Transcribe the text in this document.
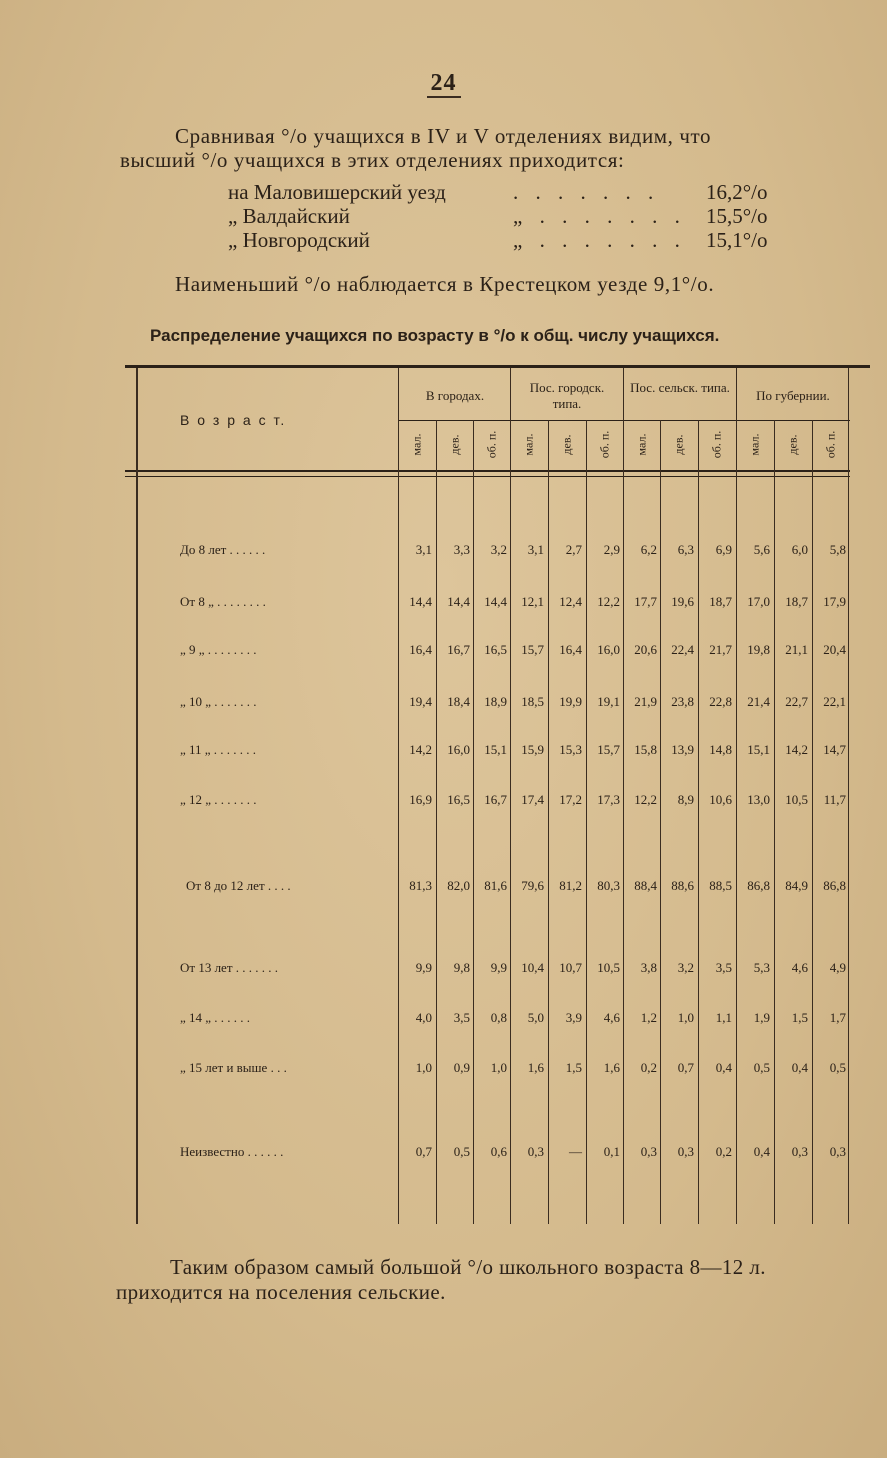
24
Сравнивая °/o учащихся в IV и V отделениях видим, что
высший °/o учащихся в этих отделениях приходится:
на Маловишерский уезд	. . . . . . .	16,2°/o
„ Валдайский	„ . . . . . . . 15,5°/o
„ Новгородский	„ . . . . . . . 15,1°/o
Наименьший °/o наблюдается в Крестецком уезде 9,1°/o.
Распределение учащихся по возрасту в °/o к общ. числу учащихся.
В о з р а с т.
В городах.
Пос. городск. типа.
Пос. сельск. типа.
По губернии.
мал. дев. об. п. мал. дев. об. п. мал. дев. об. п. мал. дев. об. п.
До 8 лет . . . . . .	3,1	3,3	3,2	3,1	2,7	2,9	6,2	6,3	6,9	5,6	6,0	5,8
От 8 „ . . . . . . . .	14,4	14,4	14,4	12,1	12,4	12,2	17,7	19,6	18,7	17,0	18,7	17,9
„ 9 „ . . . . . . . .	16,4	16,7	16,5	15,7	16,4	16,0	20,6	22,4	21,7	19,8	21,1	20,4
„ 10 „ . . . . . . .	19,4	18,4	18,9	18,5	19,9	19,1	21,9	23,8	22,8	21,4	22,7	22,1
„ 11 „ . . . . . . .	14,2	16,0	15,1	15,9	15,3	15,7	15,8	13,9	14,8	15,1	14,2	14,7
„ 12 „ . . . . . . .	16,9	16,5	16,7	17,4	17,2	17,3	12,2	8,9	10,6	13,0	10,5	11,7
От 8 до 12 лет . . . .	81,3	82,0	81,6	79,6	81,2	80,3	88,4	88,6	88,5	86,8	84,9	86,8
От 13 лет . . . . . . .	9,9	9,8	9,9	10,4	10,7	10,5	3,8	3,2	3,5	5,3	4,6	4,9
„ 14 „ . . . . . .	4,0	3,5	0,8	5,0	3,9	4,6	1,2	1,0	1,1	1,9	1,5	1,7
„ 15 лет и выше . . .	1,0	0,9	1,0	1,6	1,5	1,6	0,2	0,7	0,4	0,5	0,4	0,5
Неизвестно . . . . . .	0,7	0,5	0,6	0,3	—	0,1	0,3	0,3	0,2	0,4	0,3	0,3
Таким образом самый большой °/o школьного возраста 8—12 л.
приходится на поселения сельские.
